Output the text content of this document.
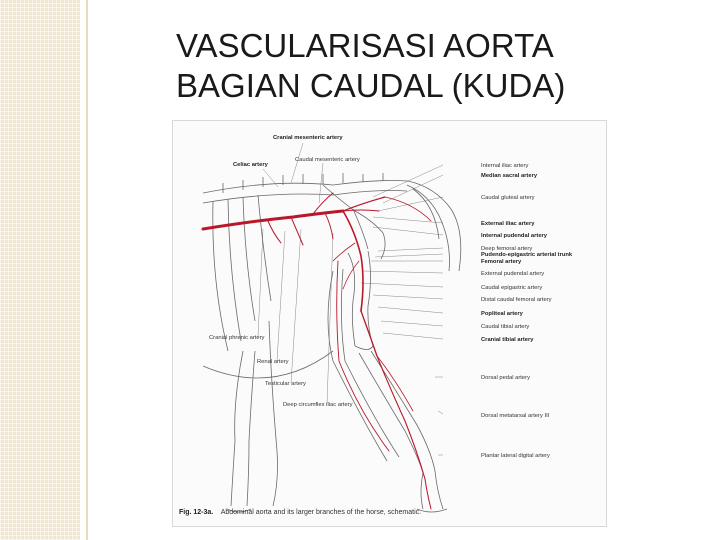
VASCULARISASI AORTA
BAGIAN CAUDAL (KUDA)
Cranial mesenteric artery
Celiac artery
Caudal mesenteric artery
Internal iliac artery
Median sacral artery
Caudal gluteal artery
External iliac artery
Internal pudendal artery
Deep femoral artery
Pudendo-epigastric arterial trunk
Femoral artery
External pudendal artery
Caudal epigastric artery
Distal caudal femoral artery
Popliteal artery
Caudal tibial artery
Cranial tibial artery
Dorsal pedal artery
Dorsal metatarsal artery III
Plantar lateral digital artery
Cranial phrenic artery
Renal artery
Testicular artery
Deep circumflex iliac artery
Fig. 12-3a. Abdominal aorta and its larger branches of the horse, schematic.
